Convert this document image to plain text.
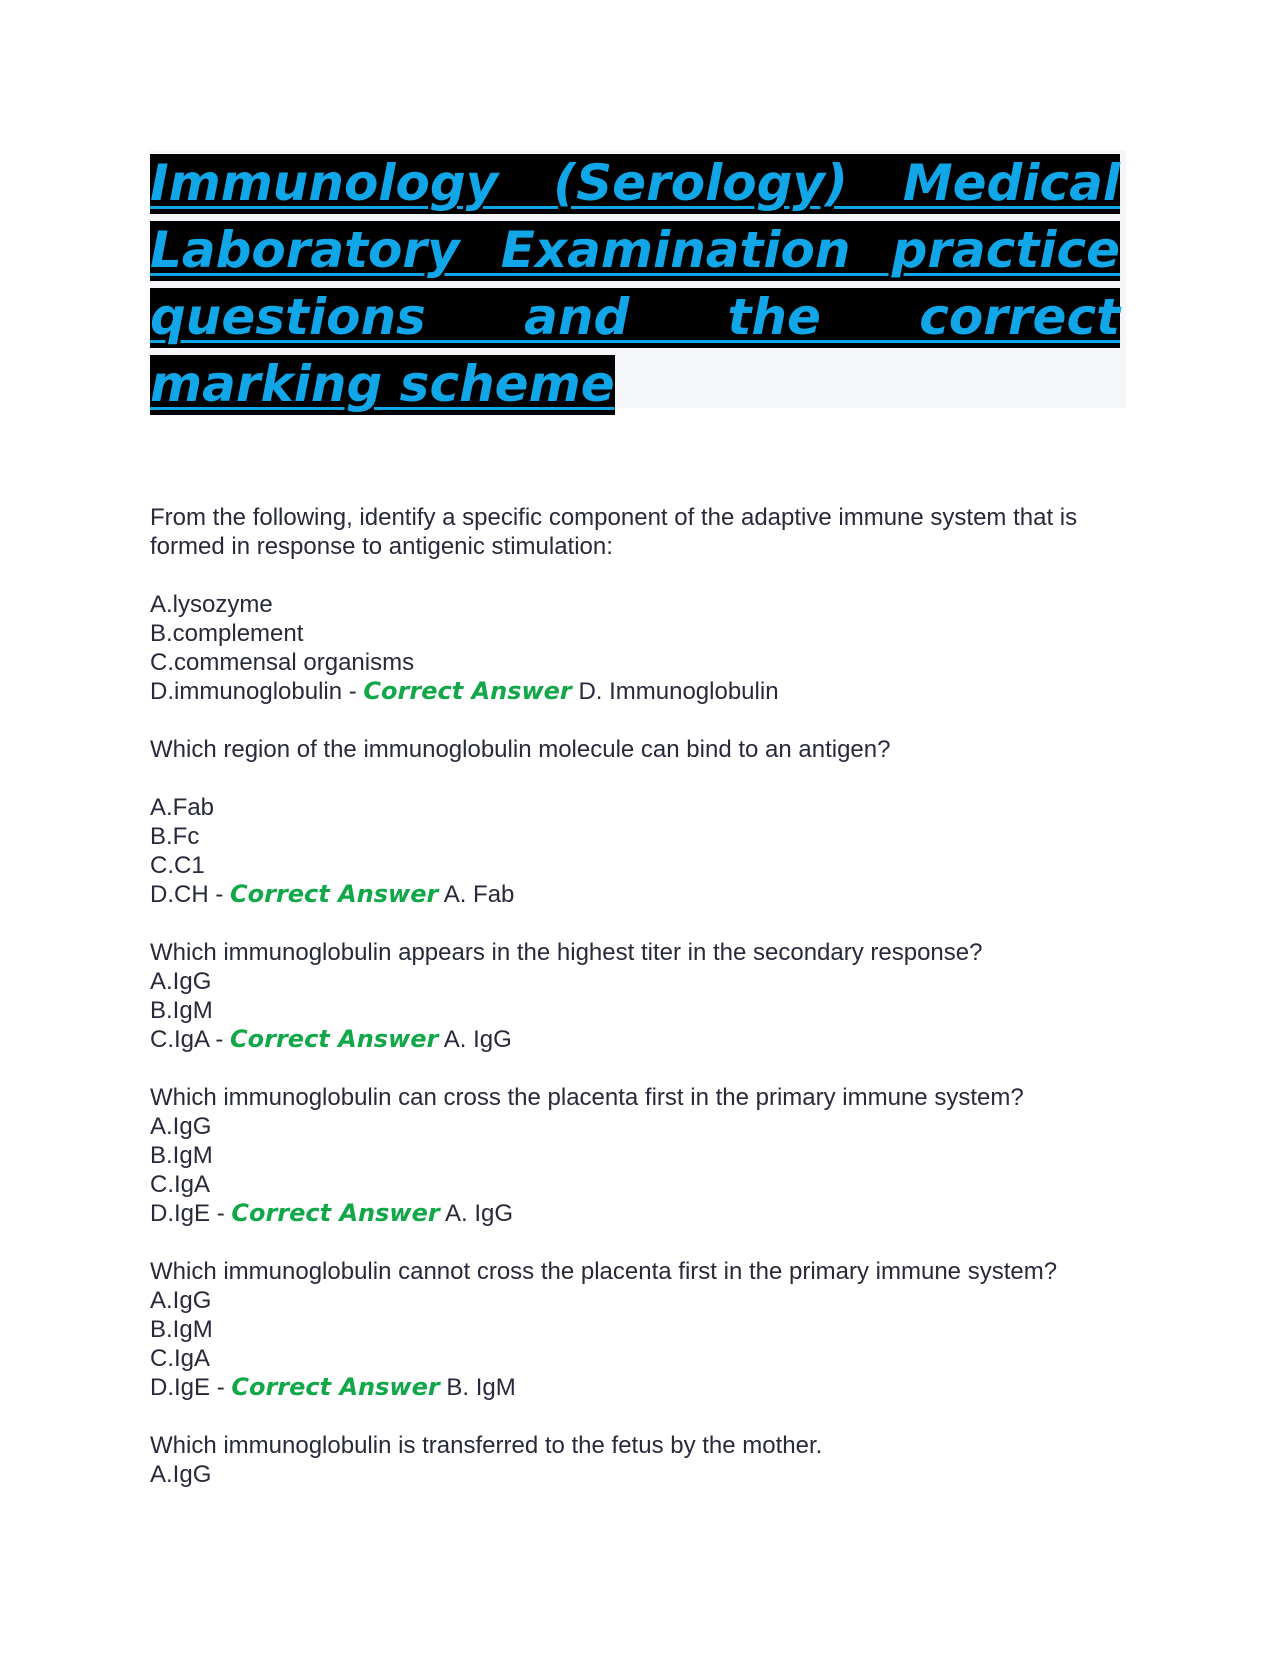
Immunology (Serology) Medical Laboratory Examination practice questions and the correct marking scheme
From the following, identify a specific component of the adaptive immune system that is formed in response to antigenic stimulation:
A.lysozyme
B.complement
C.commensal organisms
D.immunoglobulin - Correct Answer D. Immunoglobulin
Which region of the immunoglobulin molecule can bind to an antigen?
A.Fab
B.Fc
C.C1
D.CH - Correct Answer A. Fab
Which immunoglobulin appears in the highest titer in the secondary response?
A.IgG
B.IgM
C.IgA - Correct Answer A. IgG
Which immunoglobulin can cross the placenta first in the primary immune system?
A.IgG
B.IgM
C.IgA
D.IgE - Correct Answer A. IgG
Which immunoglobulin cannot cross the placenta first in the primary immune system?
A.IgG
B.IgM
C.IgA
D.IgE - Correct Answer B. IgM
Which immunoglobulin is transferred to the fetus by the mother.
A.IgG
